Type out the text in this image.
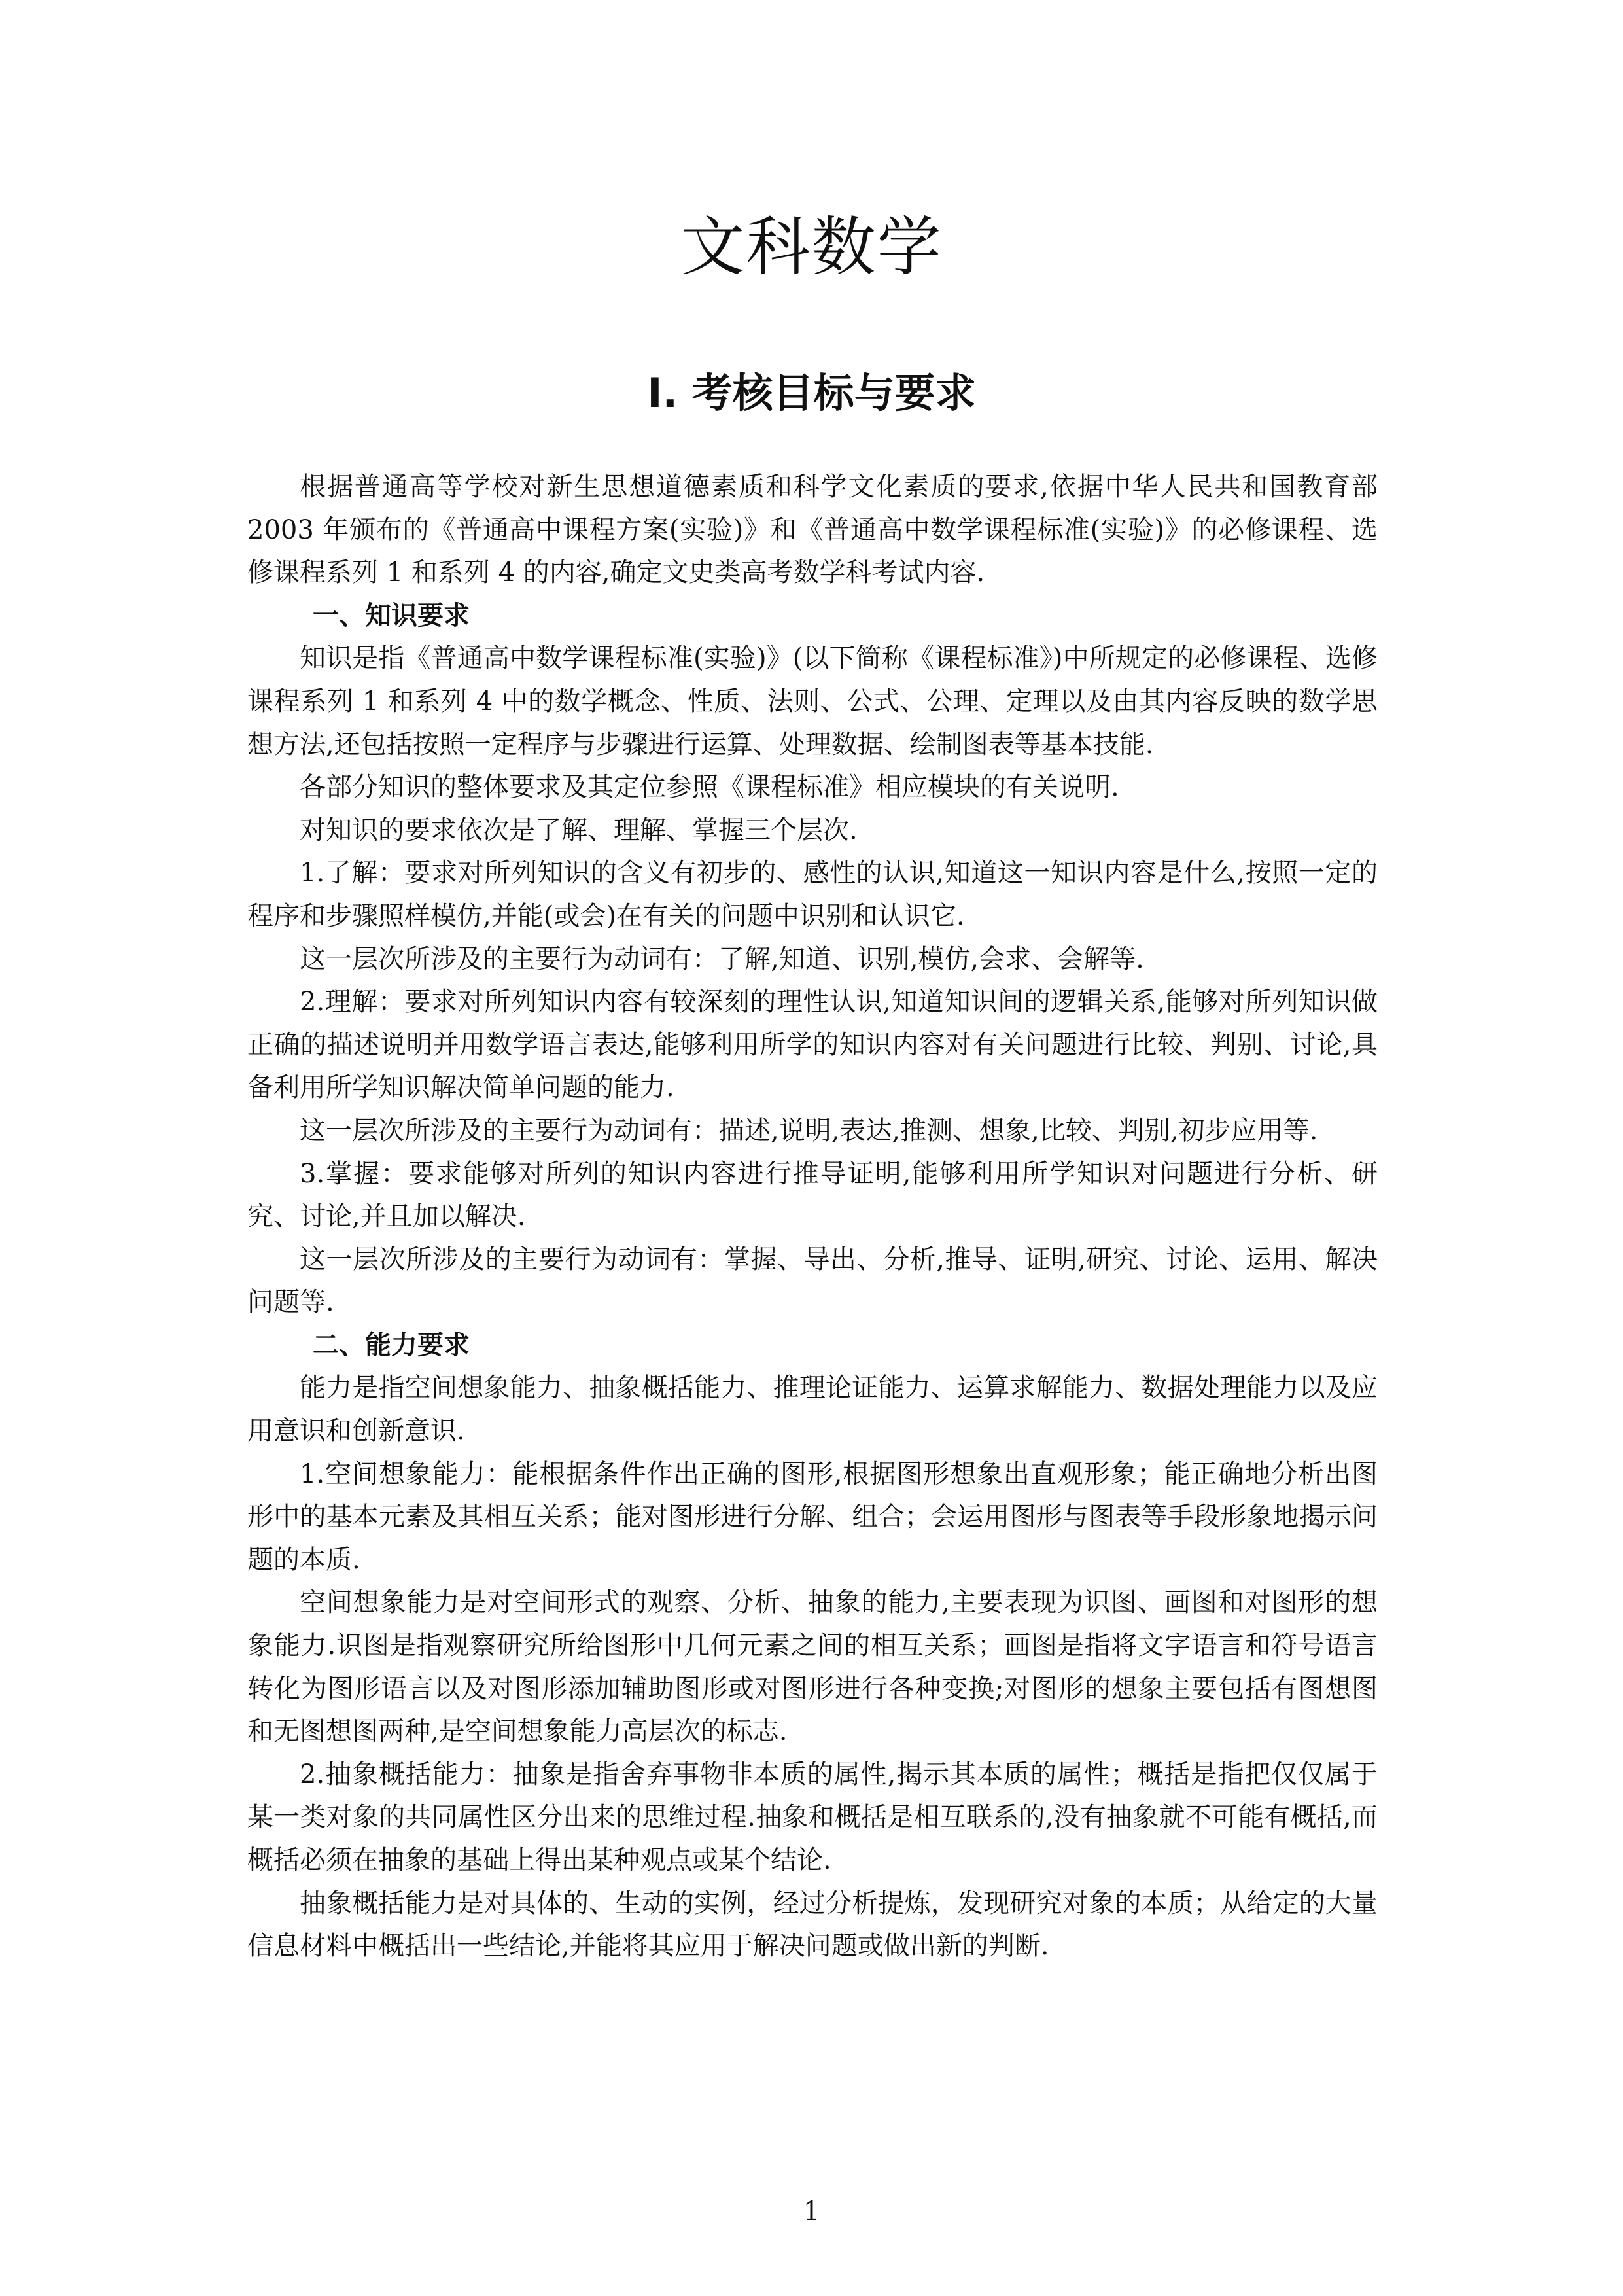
文科数学
Ⅰ. 考核目标与要求

根据普通高等学校对新生思想道德素质和科学文化素质的要求,依据中华人民共和国教育部 2003 年颁布的《普通高中课程方案(实验)》和《普通高中数学课程标准(实验)》的必修课程、选修课程系列 1 和系列 4 的内容,确定文史类高考数学科考试内容.

一、知识要求

知识是指《普通高中数学课程标准(实验)》(以下简称《课程标准》)中所规定的必修课程、选修课程系列 1 和系列 4 中的数学概念、性质、法则、公式、公理、定理以及由其内容反映的数学思想方法,还包括按照一定程序与步骤进行运算、处理数据、绘制图表等基本技能.

各部分知识的整体要求及其定位参照《课程标准》相应模块的有关说明.

对知识的要求依次是了解、理解、掌握三个层次.

1.了解：要求对所列知识的含义有初步的、感性的认识,知道这一知识内容是什么,按照一定的程序和步骤照样模仿,并能(或会)在有关的问题中识别和认识它.

这一层次所涉及的主要行为动词有：了解,知道、识别,模仿,会求、会解等.

2.理解：要求对所列知识内容有较深刻的理性认识,知道知识间的逻辑关系,能够对所列知识做正确的描述说明并用数学语言表达,能够利用所学的知识内容对有关问题进行比较、判别、讨论,具备利用所学知识解决简单问题的能力.

这一层次所涉及的主要行为动词有：描述,说明,表达,推测、想象,比较、判别,初步应用等.

3.掌握：要求能够对所列的知识内容进行推导证明,能够利用所学知识对问题进行分析、研究、讨论,并且加以解决.

这一层次所涉及的主要行为动词有：掌握、导出、分析,推导、证明,研究、讨论、运用、解决问题等.

二、能力要求

能力是指空间想象能力、抽象概括能力、推理论证能力、运算求解能力、数据处理能力以及应用意识和创新意识.

1.空间想象能力：能根据条件作出正确的图形,根据图形想象出直观形象；能正确地分析出图形中的基本元素及其相互关系；能对图形进行分解、组合；会运用图形与图表等手段形象地揭示问题的本质.

空间想象能力是对空间形式的观察、分析、抽象的能力,主要表现为识图、画图和对图形的想象能力.识图是指观察研究所给图形中几何元素之间的相互关系；画图是指将文字语言和符号语言转化为图形语言以及对图形添加辅助图形或对图形进行各种变换;对图形的想象主要包括有图想图和无图想图两种,是空间想象能力高层次的标志.

2.抽象概括能力：抽象是指舍弃事物非本质的属性,揭示其本质的属性；概括是指把仅仅属于某一类对象的共同属性区分出来的思维过程.抽象和概括是相互联系的,没有抽象就不可能有概括,而概括必须在抽象的基础上得出某种观点或某个结论.

抽象概括能力是对具体的、生动的实例，经过分析提炼，发现研究对象的本质；从给定的大量信息材料中概括出一些结论,并能将其应用于解决问题或做出新的判断.

1
